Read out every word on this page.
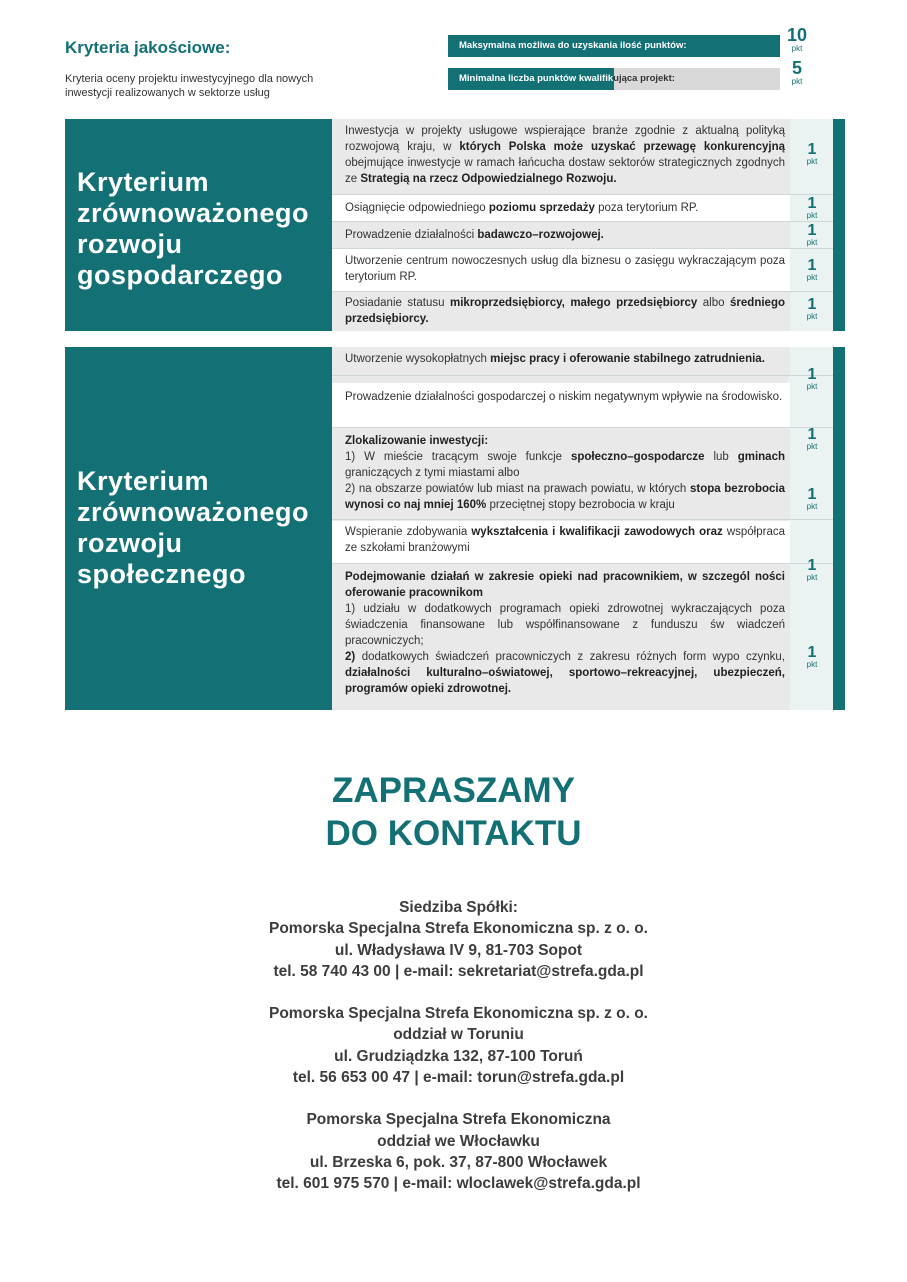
Kryteria jakościowe:
Kryteria oceny projektu inwestycyjnego dla nowych inwestycji realizowanych w sektorze usług
Maksymalna możliwa do uzyskania ilość punktów:
10
pkt
Minimalna liczba punktów kwalifikująca projekt:
5
pkt
Kryterium
zrównoważonego
rozwoju
gospodarczego
Inwestycja w projekty usługowe wspierające branże zgodnie z aktualną polityką rozwojową kraju, w których Polska może uzyskać przewagę konkurencyjną obejmujące inwestycje w ramach łańcucha dostaw sektorów strategicznych zgodnych ze Strategią na rzecz Odpowiedzialnego Rozwoju.
Osiągnięcie odpowiedniego poziomu sprzedaży poza terytorium RP.
Prowadzenie działalności badawczo–rozwojowej.
Utworzenie centrum nowoczesnych usług dla biznesu o zasięgu wykraczającym poza terytorium RP.
Posiadanie statusu mikroprzedsiębiorcy, małego przedsiębiorcy albo średniego przedsiębiorcy.
1
pkt
1
pkt
1
pkt
1
pkt
1
pkt
Kryterium
zrównoważonego
rozwoju
społecznego
Utworzenie wysokopłatnych miejsc pracy i oferowanie stabilnego zatrudnienia.
Prowadzenie działalności gospodarczej o niskim negatywnym wpływie na środowisko.
Zlokalizowanie inwestycji:
1) W mieście tracącym swoje funkcje społeczno–gospodarcze lub gminach graniczących z tymi miastami albo
2) na obszarze powiatów lub miast na prawach powiatu, w których stopa bezrobocia wynosi co naj mniej 160% przeciętnej stopy bezrobocia w kraju
Wspieranie zdobywania wykształcenia i kwalifikacji zawodowych oraz współpraca ze szkołami branżowymi
Podejmowanie działań w zakresie opieki nad pracownikiem, w szczegól ności oferowanie pracownikom
1) udziału w dodatkowych programach opieki zdrowotnej wykraczających poza świadczenia finansowane lub współfinansowane z funduszu św wiadczeń pracowniczych;
2) dodatkowych świadczeń pracowniczych z zakresu różnych form wypo czynku, działalności kulturalno–oświatowej, sportowo–rekreacyjnej, ubezpieczeń, programów opieki zdrowotnej.
1
pkt
1
pkt
1
pkt
1
pkt
1
pkt
ZAPRASZAMY
DO KONTAKTU

Siedziba Spółki:

Pomorska Specjalna Strefa Ekonomiczna sp. z o. o.

ul. Władysława IV 9, 81-703 Sopot

tel. 58 740 43 00 | e-mail: sekretariat@strefa.gda.pl

Pomorska Specjalna Strefa Ekonomiczna sp. z o. o.

oddział w Toruniu

ul. Grudziądzka 132, 87-100 Toruń

tel. 56 653 00 47 | e-mail: torun@strefa.gda.pl

Pomorska Specjalna Strefa Ekonomiczna

oddział we Włocławku

ul. Brzeska 6, pok. 37, 87-800 Włocławek

tel. 601 975 570 | e-mail: wloclawek@strefa.gda.pl
